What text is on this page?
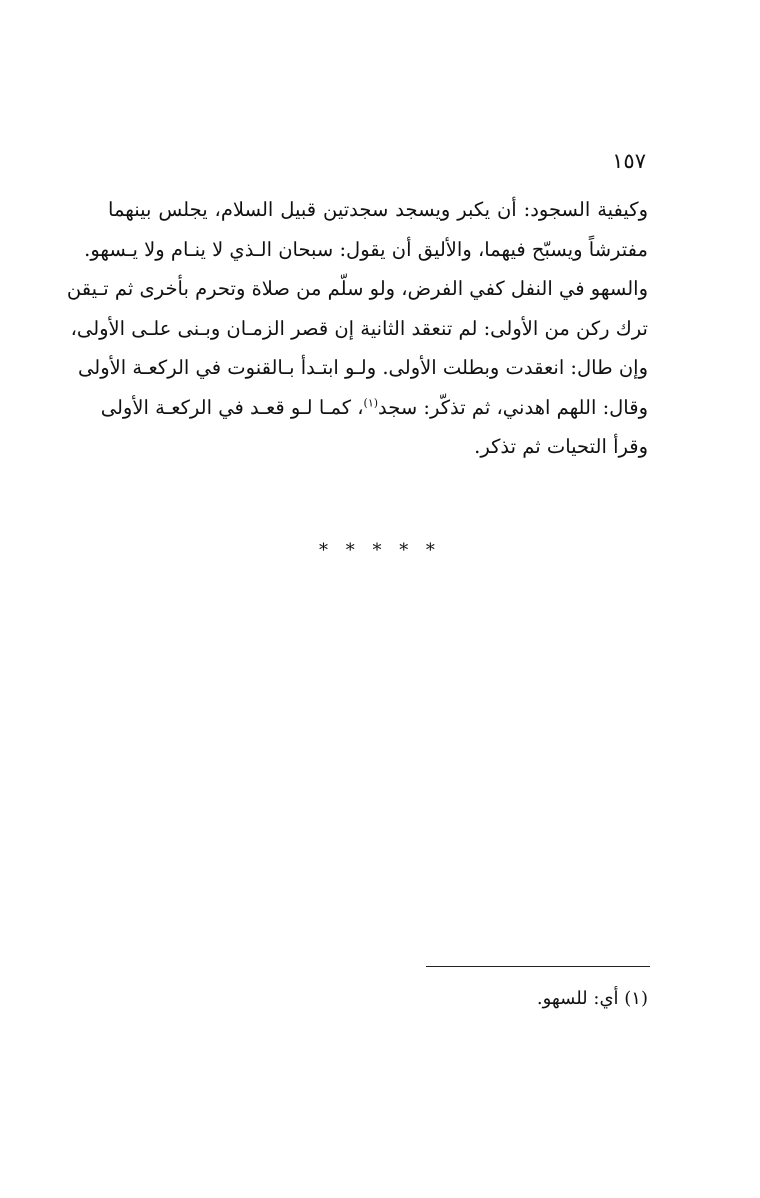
١٥٧
وكيفية السجود: أن يكبر ويسجد سجدتين قبيل السلام، يجلس بينهما
مفترشاً ويسبّح فيهما، والأليق أن يقول: سبحان الـذي لا ينـام ولا يـسهو.
والسهو في النفل كفي الفرض، ولو سلّم من صلاة وتحرم بأخرى ثم تـيقن
ترك ركن من الأولى: لم تنعقد الثانية إن قصر الزمـان وبـنى علـى الأولى،
وإن طال: انعقدت وبطلت الأولى. ولـو ابتـدأ بـالقنوت في الركعـة الأولى
وقال: اللهم اهدني، ثم تذكّر: سجد$^{(١)}$، كمـا لـو قعـد في الركعـة الأولى
وقرأ التحيات ثم تذكر.
* * * * *
(١) أي: للسهو.
